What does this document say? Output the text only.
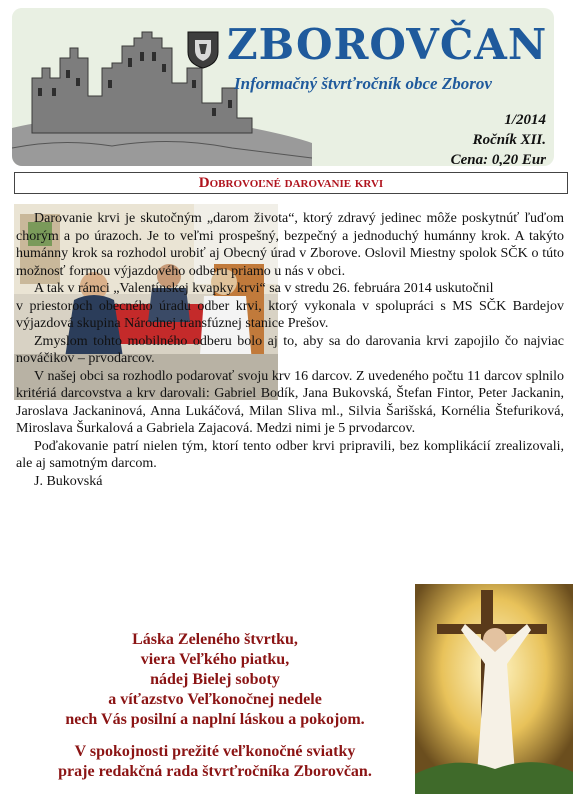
ZBOROVČAN
Informačný štvrťročník obce Zborov
1/2014
Ročník XII.
Cena: 0,20 Eur
Dobrovoľné darovanie krvi

Darovanie krvi je skutočným „darom života“, ktorý zdravý jedinec môže poskytnúť ľuďom chorým a po úrazoch. Je to veľmi prospešný, bezpečný a jednoduchý humánny krok. A takýto humánny krok sa rozhodol urobiť aj Obecný úrad v Zborove. Oslovil Miestny spolok SČK o túto možnosť formou výjazdového odberu priamo u nás v obci.

A tak v rámci „Valentínskej kvapky krvi“ sa v stredu 26. februára 2014 uskutočnil

v priestoroch obecného úradu odber krvi, ktorý vykonala v spolupráci s MS SČK Bardejov výjazdová skupina Národnej transfúznej stanice Prešov.

Zmyslom tohto mobilného odberu bolo aj to, aby sa do darovania krvi zapojilo čo najviac nováčikov – prvodarcov.

V našej obci sa rozhodlo podarovať svoju krv 16 darcov. Z uvedeného počtu 11 darcov splnilo kritériá darcovstva a krv darovali: Gabriel Bodík, Jana Bukovská, Štefan Fintor, Peter Jackanin, Jaroslava Jackaninová, Anna Lukáčová, Milan Sliva ml., Silvia Šarišská, Kornélia Štefuriková, Miroslava Šurkalová a Gabriela Zajacová. Medzi nimi je 5 prvodarcov.

Poďakovanie patrí nielen tým, ktorí tento odber krvi pripravili, bez komplikácií zrealizovali, ale aj samotným darcom.

J. Bukovská

Láska Zeleného štvrtku,
viera Veľkého piatku,
nádej Bielej soboty
a víťazstvo Veľkonočnej nedele
nech Vás posilní a naplní láskou a pokojom.
V spokojnosti prežité veľkonočné sviatky
praje redakčná rada štvrťročníka Zborovčan.
